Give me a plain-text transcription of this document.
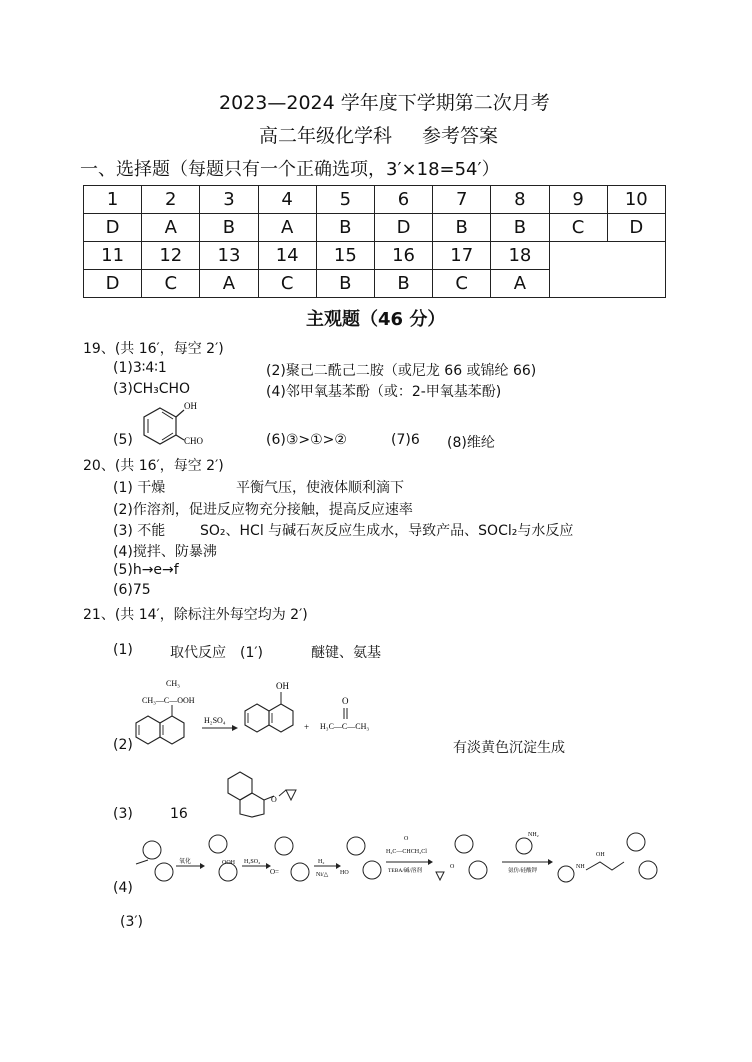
2023—2024 学年度下学期第二次月考
高二年级化学科 参考答案
一、选择题（每题只有一个正确选项，3′×18=54′）
1	2	3	4	5	6	7	8	9	10
D	A	B	A	B	D	B	B	C	D
11	12	13	14	15	16	17	18		
D	C	A	C	B	B	C	A		
主观题（46 分）
19、(共 16′，每空 2′)
(1)3∶4∶1	(2)聚己二酰己二胺（或尼龙 66 或锦纶 66)
(3)CH₃CHO	(4)邻甲氧基苯酚（或：2-甲氧基苯酚)
(5)
OH
CHO	(6)③>①>②	(7)6 (8)维纶
20、(共 16′，每空 2′)
(1) 干燥	平衡气压，使液体顺利滴下
(2)作溶剂，促进反应物充分接触，提高反应速率
(3) 不能 SO₂、HCl 与碱石灰反应生成水，导致产品、SOCl₂与水反应
(4)搅拌、防暴沸
(5)h→e→f
(6)75
21、(共 14′，除标注外每空均为 2′)
(1)	取代反应　(1′)	醚键、氨基
(2)
CH₃
CH₃—C—OOH
H₂SO₄
OH
+
O
H₃C—C—CH₃
有淡黄色沉淀生成
(3)	16
O
(4)
氧化	OOH H₂SO₄
O=
H₂
Ni/△ HO
O
H₂C—CHCH₂Cl
TEBA/碱/溶剂
O
NH₂
氨仿/硅酸钾
NH
OH
(3′)
